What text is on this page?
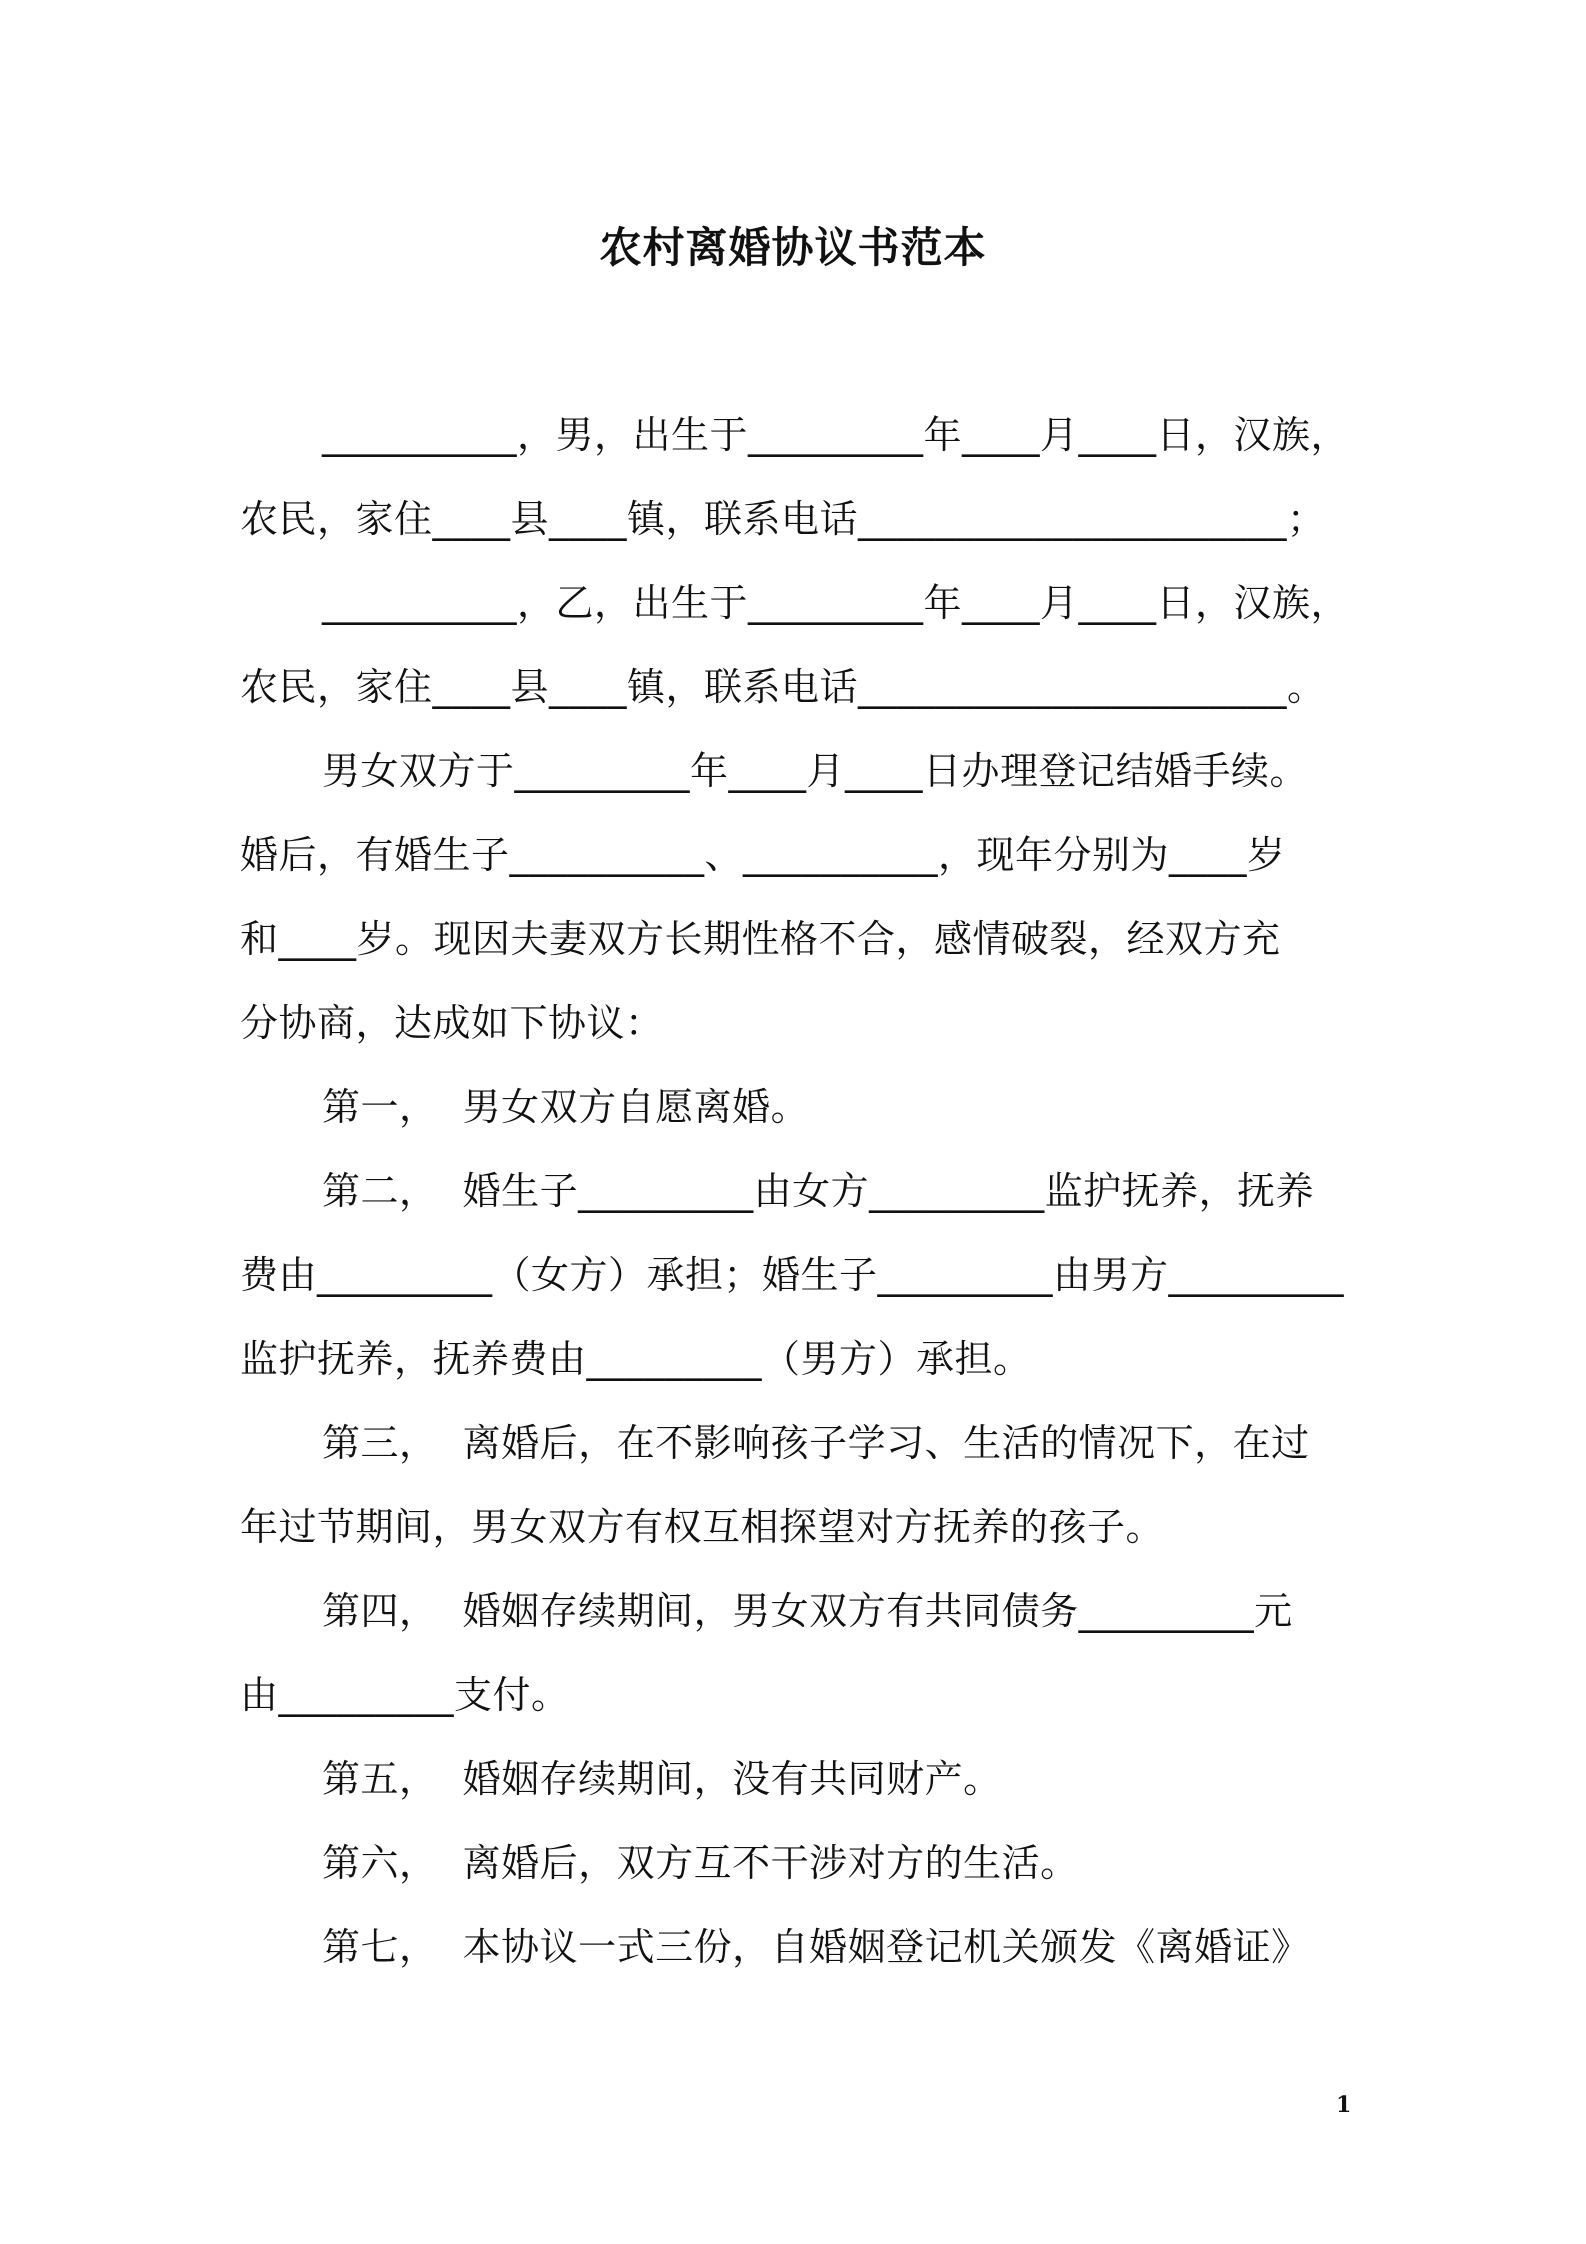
农村离婚协议书范本
__________，男，出生于_________年____月____日，汉族，
农民，家住____县____镇，联系电话______________________；
__________，乙，出生于_________年____月____日，汉族，
农民，家住____县____镇，联系电话______________________。
男女双方于_________年____月____日办理登记结婚手续。
婚后，有婚生子__________、__________，现年分别为____岁
和____岁。现因夫妻双方长期性格不合，感情破裂，经双方充
分协商，达成如下协议：
第一，  男女双方自愿离婚。
第二，  婚生子_________由女方_________监护抚养，抚养
费由_________（女方）承担；婚生子_________由男方_________
监护抚养，抚养费由_________（男方）承担。
第三，  离婚后，在不影响孩子学习、生活的情况下，在过
年过节期间，男女双方有权互相探望对方抚养的孩子。
第四，  婚姻存续期间，男女双方有共同债务_________元
由_________支付。
第五，  婚姻存续期间，没有共同财产。
第六，  离婚后，双方互不干涉对方的生活。
第七，  本协议一式三份，自婚姻登记机关颁发《离婚证》
1
